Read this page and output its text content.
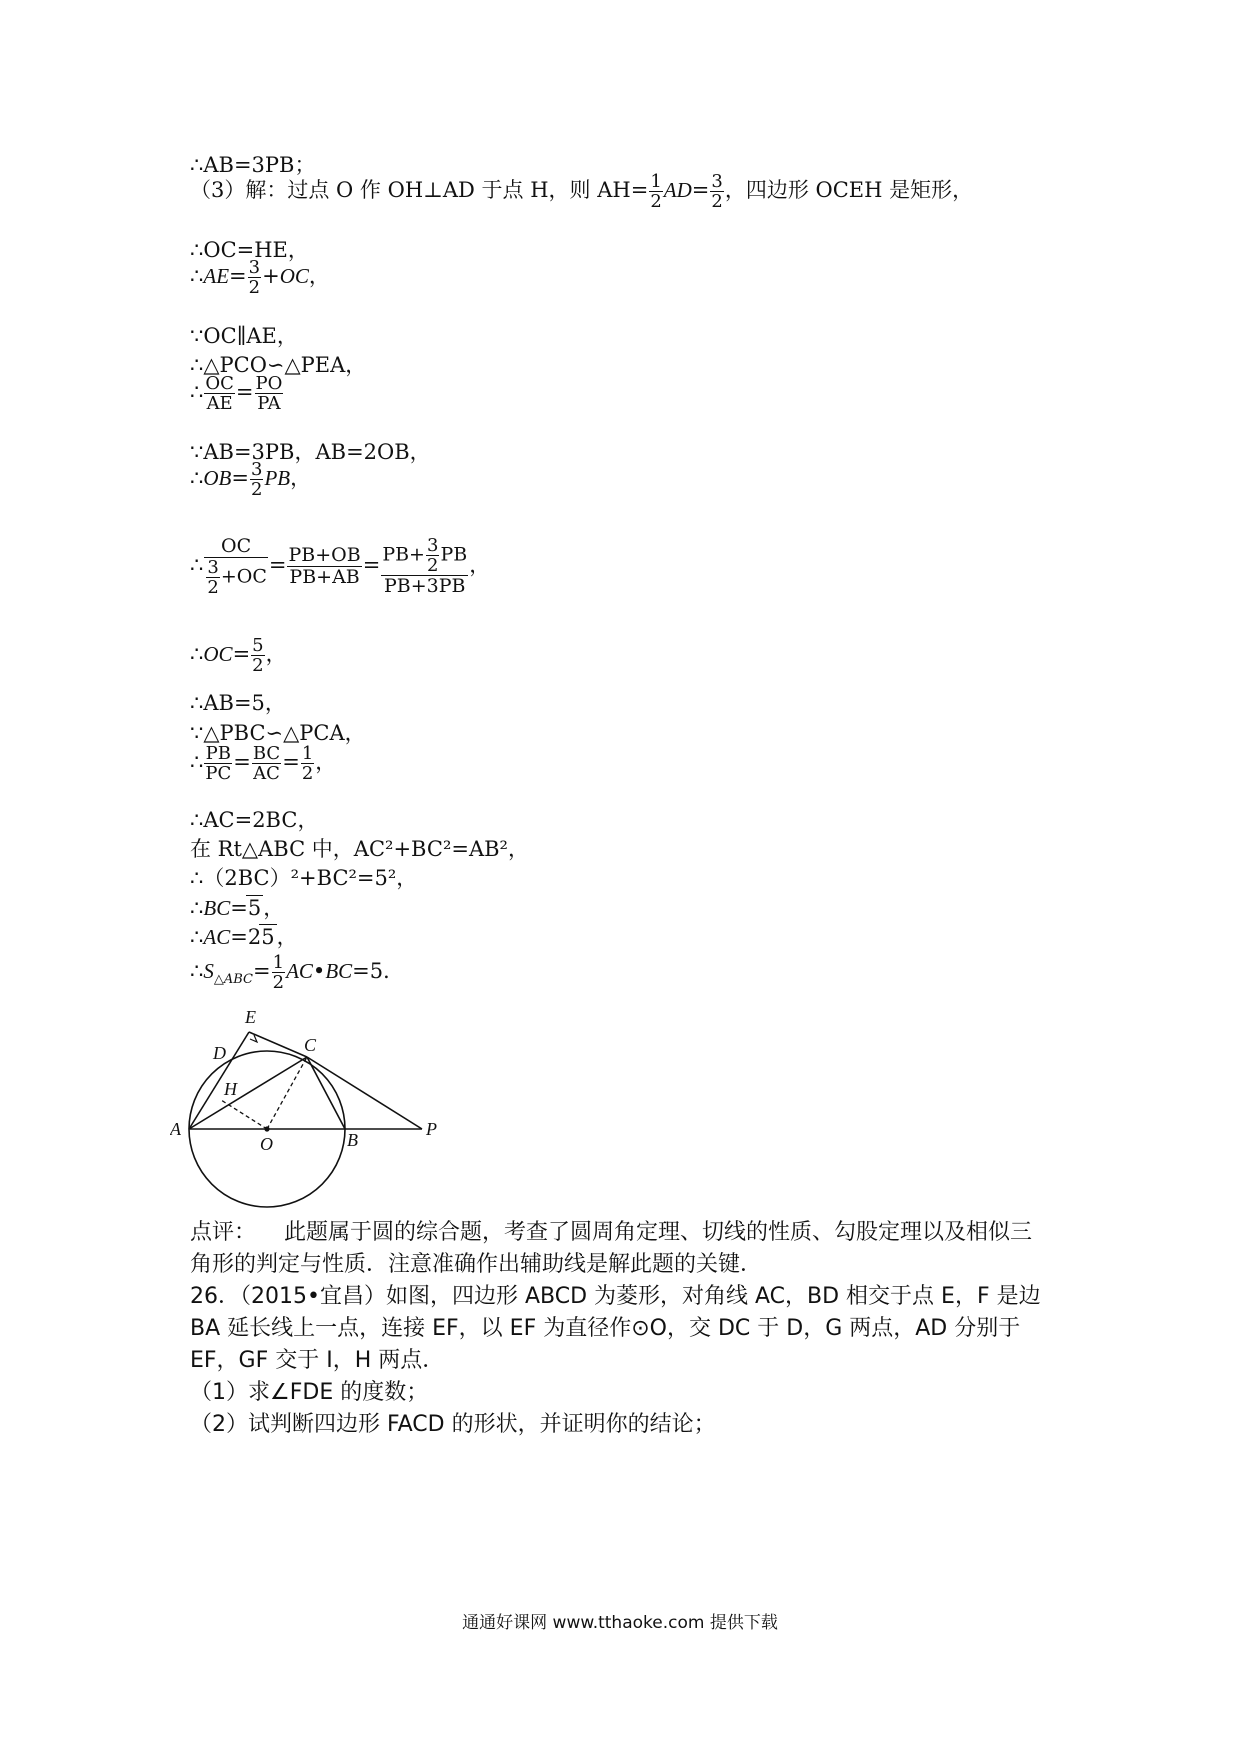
∴AB=3PB；
（3）解：过点 O 作 OH⊥AD 于点 H，则 $AH= \frac{1}{2} AD= \frac{3}{2}$ ，四边形 OCEH 是矩形，
∴OC=HE，
∴AE= $\frac{3}{2} +OC$，
∵OC∥AE，
∴△PCO∽△PEA，
∴ $\frac{OC}{AE} = \frac{PO}{PA}$
∵AB=3PB，AB=2OB，
∴OB= $\frac{3}{2}$ PB，
∴ $\frac{OC}{\frac{3}{2} +OC} = \frac{PB+OB}{PB+AB} = \frac{PB+ \frac{3}{2} PB}{PB+3PB}$ ，
∴OC= $\frac{5}{2}$ ，
∴AB=5，
∵△PBC∽△PCA，
∴ $\frac{PB}{PC} = \frac{BC}{AC} = \frac{1}{2}$ ，
∴AC=2BC，
在 Rt△ABC 中，AC²+BC²=AB²，
∴（2BC）²+BC²=5²，
∴BC=5，
∴AC=25，
$\therefore S_{\triangle ABC}= \frac{1}{2}$ AC•BC=5．
A
B
C
D
E
H
O
P
点评： 此题属于圆的综合题，考查了圆周角定理、切线的性质、勾股定理以及相似三角形的判定与性质．注意准确作出辅助线是解此题的关键．
26．（2015•宜昌）如图，四边形 ABCD 为菱形，对角线 AC，BD 相交于点 E，F 是边 BA 延长线上一点，连接 EF，以 EF 为直径作⊙O，交 DC 于 D，G 两点，AD 分别于 EF，GF 交于 I，H 两点．
（1）求∠FDE 的度数；
（2）试判断四边形 FACD 的形状，并证明你的结论；
通通好课网 www.tthaoke.com 提供下载
